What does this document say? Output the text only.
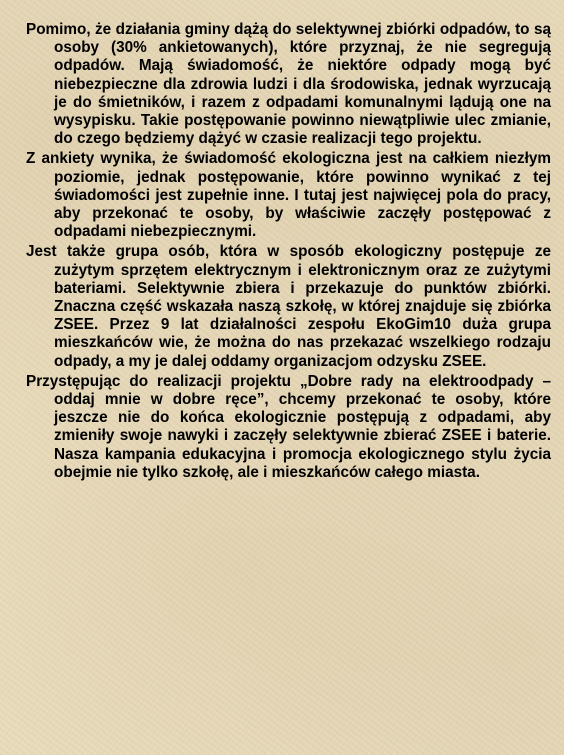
Pomimo, że działania gminy dążą do selektywnej zbiórki odpadów, to są osoby (30% ankietowanych), które przyznaj, że nie segregują odpadów. Mają świadomość, że niektóre odpady mogą być niebezpieczne dla zdrowia ludzi i dla środowiska, jednak wyrzucają je do śmietników, i razem z odpadami komunalnymi lądują one na wysypisku. Takie postępowanie powinno niewątpliwie ulec zmianie, do czego będziemy dążyć w czasie realizacji tego projektu.
Z ankiety wynika, że świadomość ekologiczna jest na całkiem niezłym poziomie, jednak postępowanie, które powinno wynikać z tej świadomości jest zupełnie inne. I tutaj jest najwięcej pola do pracy, aby przekonać te osoby, by właściwie zaczęły postępować z odpadami niebezpiecznymi.
Jest także grupa osób, która w sposób ekologiczny postępuje ze zużytym sprzętem elektrycznym i elektronicznym oraz ze zużytymi bateriami. Selektywnie zbiera i przekazuje do punktów zbiórki. Znaczna część wskazała naszą szkołę, w której znajduje się zbiórka ZSEE. Przez 9 lat działalności zespołu EkoGim10 duża grupa mieszkańców wie, że można do nas przekazać wszelkiego rodzaju odpady, a my je dalej oddamy organizacjom odzysku ZSEE.
Przystępując do realizacji projektu „Dobre rady na elektroodpady – oddaj mnie w dobre ręce”, chcemy przekonać te osoby, które jeszcze nie do końca ekologicznie postępują z odpadami, aby zmieniły swoje nawyki i zaczęły selektywnie zbierać ZSEE i baterie. Nasza kampania edukacyjna i promocja ekologicznego stylu życia obejmie nie tylko szkołę, ale i mieszkańców całego miasta.
